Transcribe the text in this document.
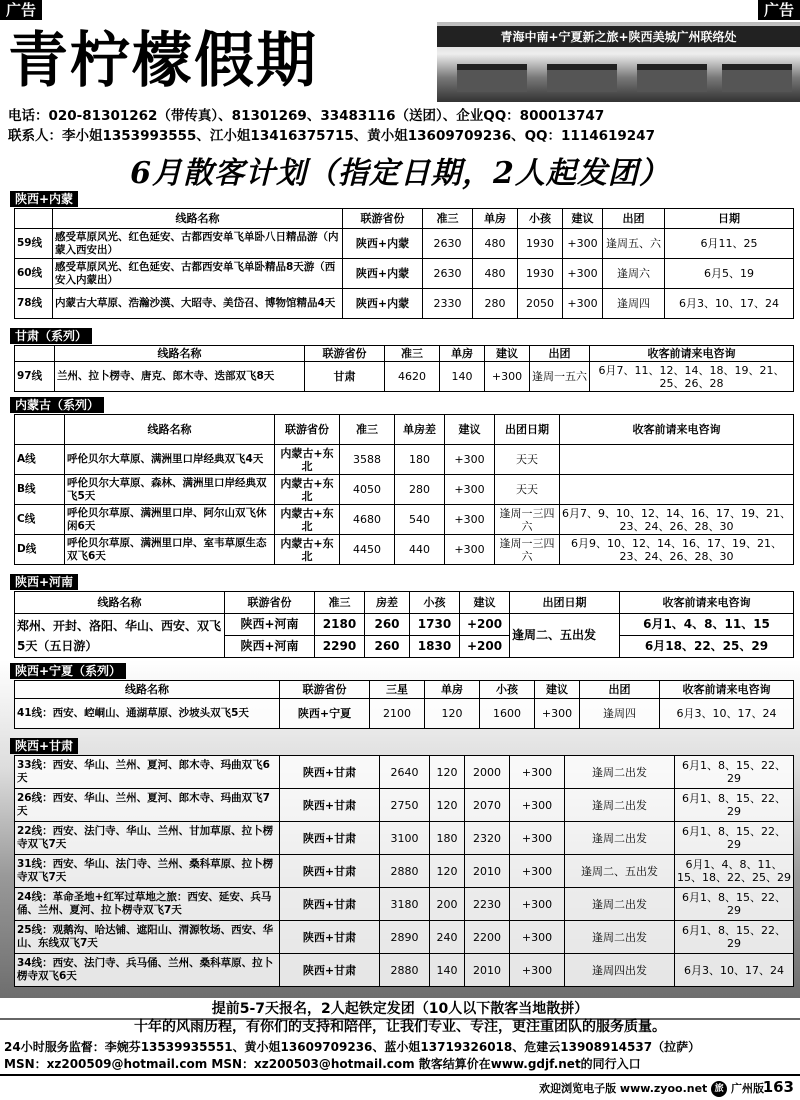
广告	广告
青柠檬假期	青海中南+宁夏新之旅+陕西美城广州联络处
电话：020-81301262（带传真）、81301269、33483116（送团）、企业QQ：800013747
联系人：李小姐1353993555、江小姐13416375715、黄小姐13609709236、QQ：1114619247
6月散客计划（指定日期，2人起发团）
陕西+内蒙
	线路名称	联游省份	准三	单房	小孩	建议	出团	日期
59线	感受草原风光、红色延安、古都西安单飞单卧八日精品游（内蒙入西安出）	陕西+内蒙	2630	480	1930	+300	逢周五、六	6月11、25
60线	感受草原风光、红色延安、古都西安单飞单卧精品8天游（西安入内蒙出）	陕西+内蒙	2630	480	1930	+300	逢周六	6月5、19
78线	内蒙古大草原、浩瀚沙漠、大昭寺、美岱召、博物馆精品4天	陕西+内蒙	2330	280	2050	+300	逢周四	6月3、10、17、24
甘肃（系列）
	线路名称	联游省份	准三	单房	建议	出团	收客前请来电咨询
97线	兰州、拉卜楞寺、唐克、郎木寺、迭部双飞8天	甘肃	4620	140	+300	逢周一五六	6月7、11、12、14、18、19、21、25、26、28
内蒙古（系列）
	线路名称	联游省份	准三	单房差	建议	出团日期	收客前请来电咨询
A线	呼伦贝尔大草原、满洲里口岸经典双飞4天	内蒙古+东北	3588	180	+300	天天	
B线	呼伦贝尔大草原、森林、满洲里口岸经典双飞5天	内蒙古+东北	4050	280	+300	天天	
C线	呼伦贝尔草原、满洲里口岸、阿尔山双飞休闲6天	内蒙古+东北	4680	540	+300	逢周一三四六	6月7、9、10、12、14、16、17、19、21、23、24、26、28、30
D线	呼伦贝尔草原、满洲里口岸、室韦草原生态双飞6天	内蒙古+东北	4450	440	+300	逢周一三四六	6月9、10、12、14、16、17、19、21、23、24、26、28、30
陕西+河南
线路名称	联游省份	准三	房差	小孩	建议	出团日期	收客前请来电咨询
郑州、开封、洛阳、华山、西安、双飞5天（五日游）	陕西+河南	2180	260	1730	+200	逢周二、五出发	6月1、4、8、11、15
	陕西+河南	2290	260	1830	+200		6月18、22、25、29
陕西+宁夏（系列）
线路名称	联游省份	三星	单房	小孩	建议	出团	收客前请来电咨询
41线：西安、崆峒山、通湖草原、沙坡头双飞5天	陕西+宁夏	2100	120	1600	+300	逢周四	6月3、10、17、24
陕西+甘肃
33线：西安、华山、兰州、夏河、郎木寺、玛曲双飞6天	陕西+甘肃	2640	120	2000	+300	逢周二出发	6月1、8、15、22、29
26线：西安、华山、兰州、夏河、郎木寺、玛曲双飞7天	陕西+甘肃	2750	120	2070	+300	逢周二出发	6月1、8、15、22、29
22线：西安、法门寺、华山、兰州、甘加草原、拉卜楞寺双飞7天	陕西+甘肃	3100	180	2320	+300	逢周二出发	6月1、8、15、22、29
31线：西安、华山、法门寺、兰州、桑科草原、拉卜楞寺双飞7天	陕西+甘肃	2880	120	2010	+300	逢周二、五出发	6月1、4、8、11、15、18、22、25、29
24线：革命圣地+红军过草地之旅：西安、延安、兵马俑、兰州、夏河、拉卜楞寺双飞7天	陕西+甘肃	3180	200	2230	+300	逢周二出发	6月1、8、15、22、29
25线：观鹅沟、哈达铺、遮阳山、渭源牧场、西安、华山、东线双飞7天	陕西+甘肃	2890	240	2200	+300	逢周二出发	6月1、8、15、22、29
34线：西安、法门寺、兵马俑、兰州、桑科草原、拉卜楞寺双飞6天	陕西+甘肃	2880	140	2010	+300	逢周四出发	6月3、10、17、24
提前5-7天报名，2人起铁定发团（10人以下散客当地散拼）
十年的风雨历程，有你们的支持和陪伴，让我们专业、专注，更注重团队的服务质量。
24小时服务监督：李婉芬13539935551、黄小姐13609709236、蓝小姐13719326018、危建云13908914537（拉萨）
MSN：xz200509@hotmail.com MSN：xz200503@hotmail.com 散客结算价在www.gdjf.net的同行入口
欢迎浏览电子版 www.zyoo.net 旅 广州版
163
